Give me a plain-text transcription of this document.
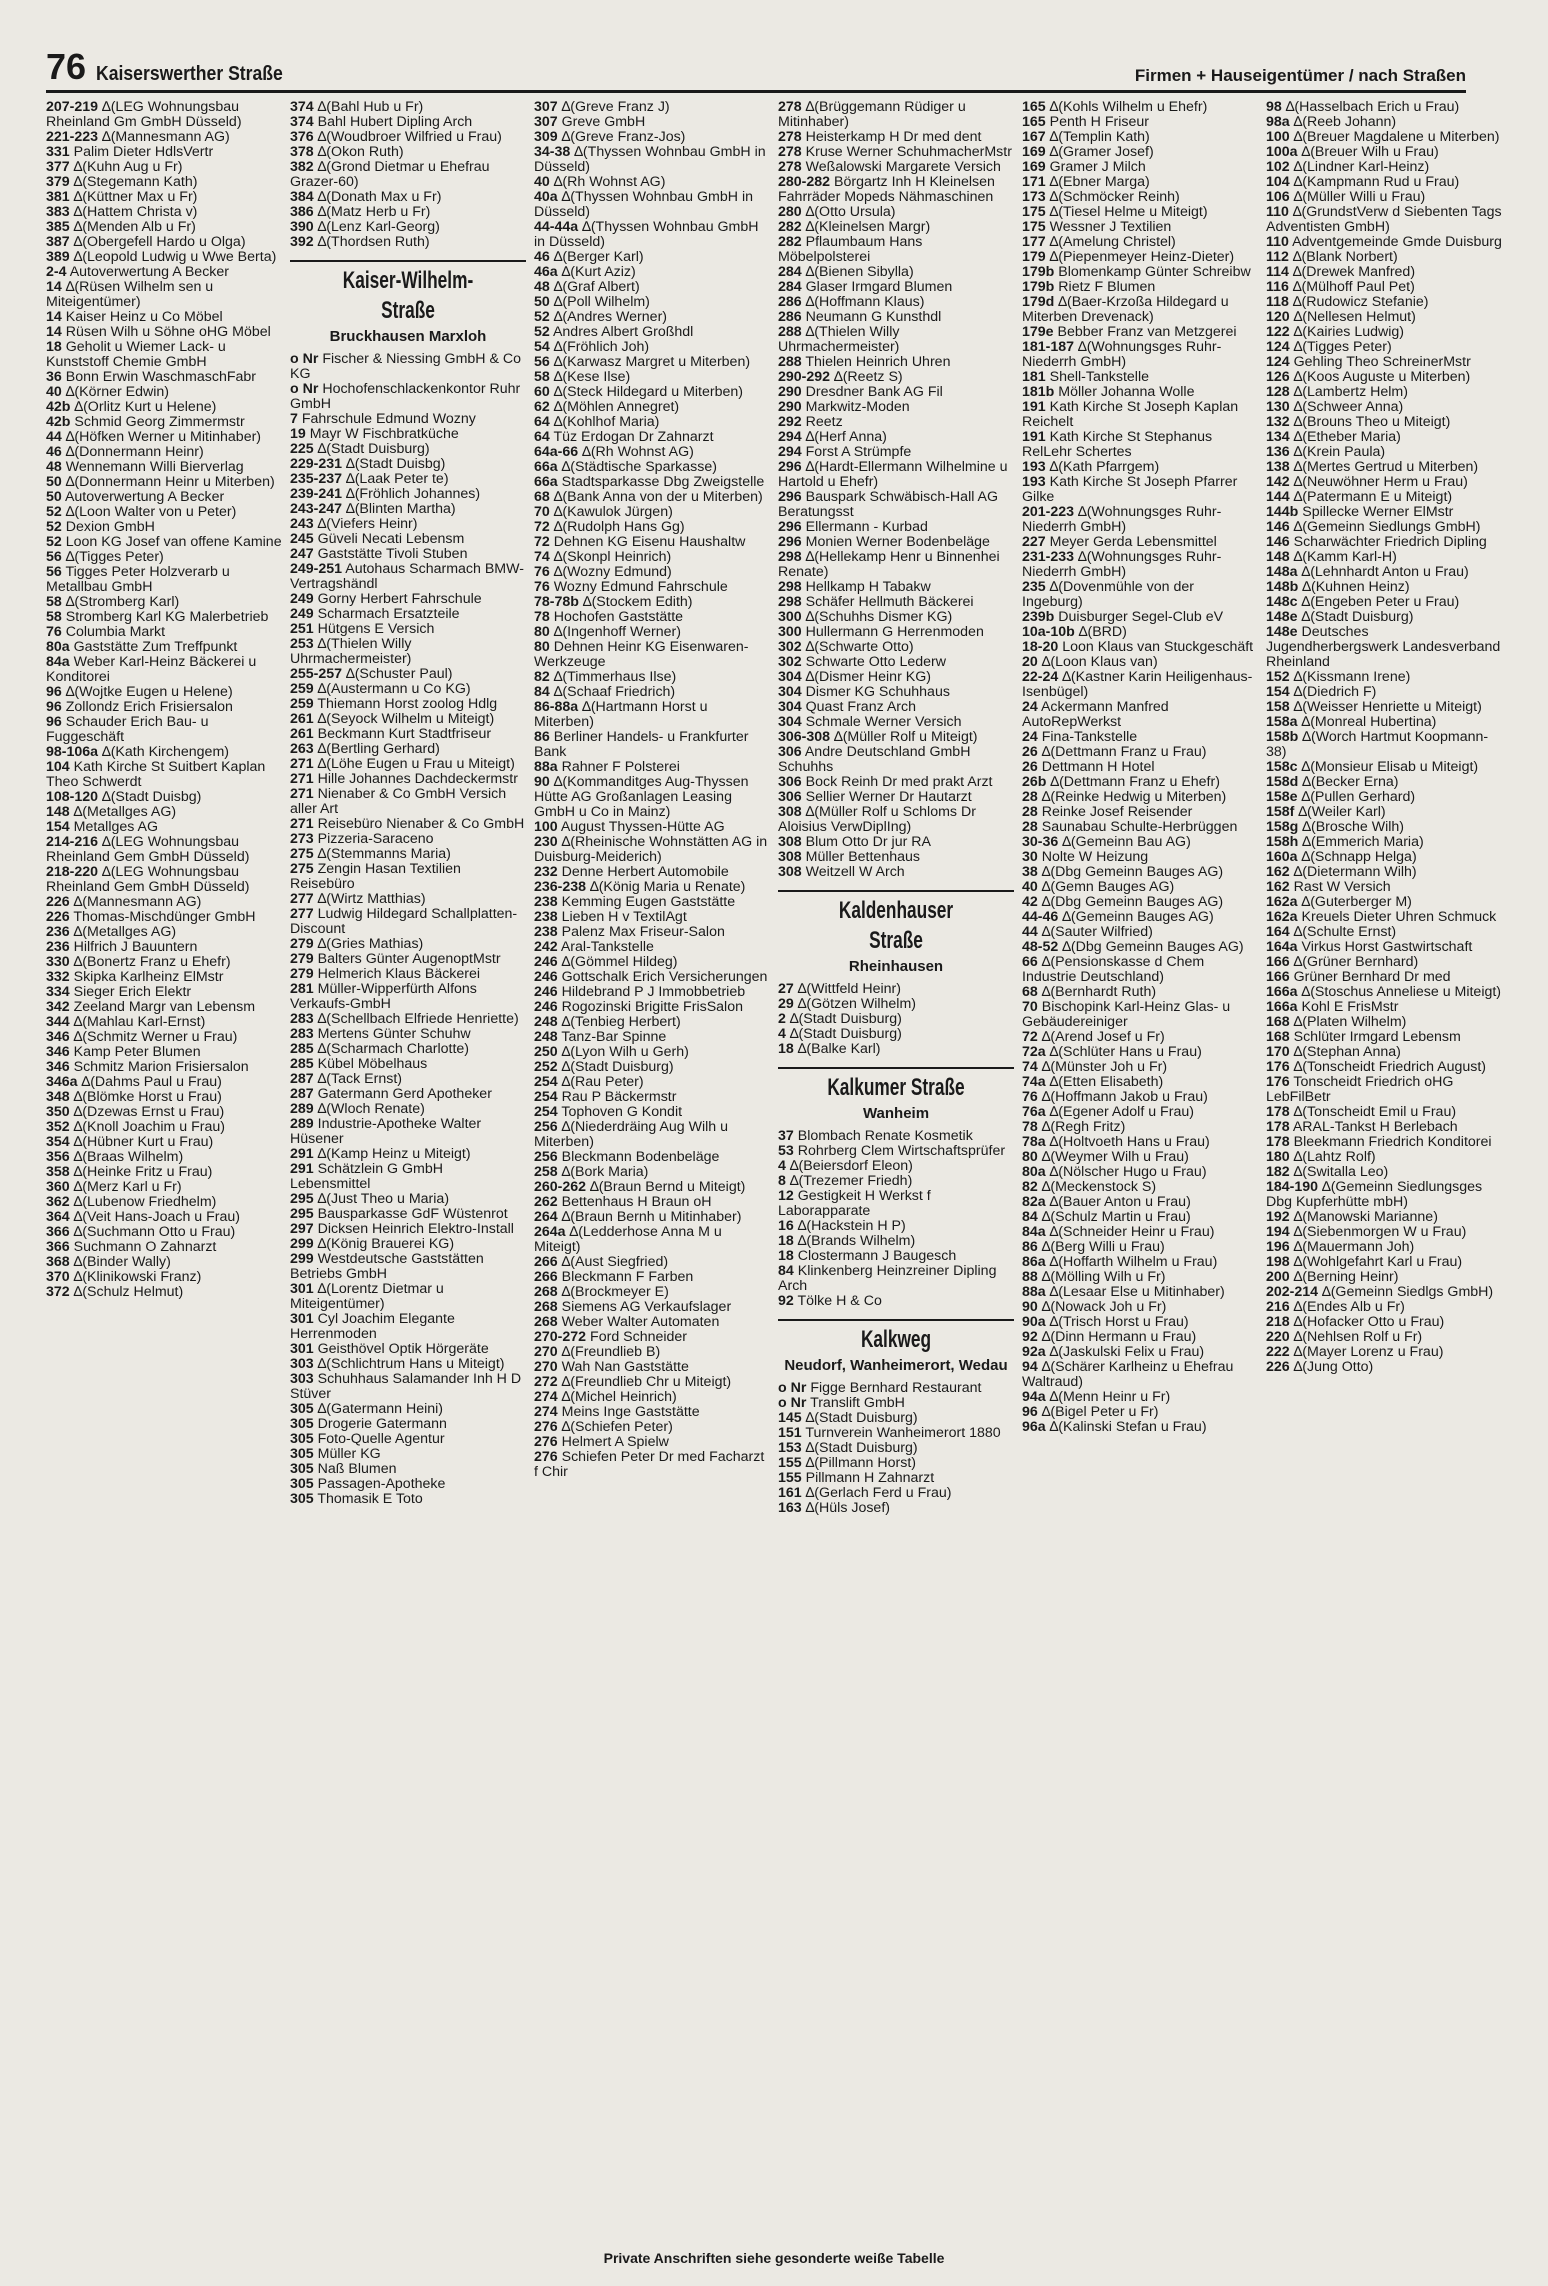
76 Kaiserswerther Straße	Firmen + Hauseigentümer / nach Straßen
207-219 ∆(LEG Wohnungsbau Rheinland Gm GmbH Düsseld)
221-223 ∆(Mannesmann AG)
331 Palim Dieter HdlsVertr
377 ∆(Kuhn Aug u Fr)
379 ∆(Stegemann Kath)
381 ∆(Küttner Max u Fr)
383 ∆(Hattem Christa v)
385 ∆(Menden Alb u Fr)
387 ∆(Obergefell Hardo u Olga)
389 ∆(Leopold Ludwig u Wwe Berta)
2-4 Autoverwertung A Becker
14 ∆(Rüsen Wilhelm sen u Miteigentümer)
14 Kaiser Heinz u Co Möbel
14 Rüsen Wilh u Söhne oHG Möbel
18 Geholit u Wiemer Lack- u Kunststoff Chemie GmbH
36 Bonn Erwin WaschmaschFabr
40 ∆(Körner Edwin)
42b ∆(Orlitz Kurt u Helene)
42b Schmid Georg Zimmermstr
44 ∆(Höfken Werner u Mitinhaber)
46 ∆(Donnermann Heinr)
48 Wennemann Willi Bierverlag
50 ∆(Donnermann Heinr u Miterben)
50 Autoverwertung A Becker
52 ∆(Loon Walter von u Peter)
52 Dexion GmbH
52 Loon KG Josef van offene Kamine
56 ∆(Tigges Peter)
56 Tigges Peter Holzverarb u Metallbau GmbH
58 ∆(Stromberg Karl)
58 Stromberg Karl KG Malerbetrieb
76 Columbia Markt
80a Gaststätte Zum Treffpunkt
84a Weber Karl-Heinz Bäckerei u Konditorei
96 ∆(Wojtke Eugen u Helene)
96 Zollondz Erich Frisiersalon
96 Schauder Erich Bau- u Fuggeschäft
98-106a ∆(Kath Kirchengem)
104 Kath Kirche St Suitbert Kaplan Theo Schwerdt
108-120 ∆(Stadt Duisbg)
148 ∆(Metallges AG)
154 Metallges AG
214-216 ∆(LEG Wohnungsbau Rheinland Gem GmbH Düsseld)
218-220 ∆(LEG Wohnungsbau Rheinland Gem GmbH Düsseld)
226 ∆(Mannesmann AG)
226 Thomas-Mischdünger GmbH
236 ∆(Metallges AG)
236 Hilfrich J Bauuntern
330 ∆(Bonertz Franz u Ehefr)
332 Skipka Karlheinz ElMstr
334 Sieger Erich Elektr
342 Zeeland Margr van Lebensm
344 ∆(Mahlau Karl-Ernst)
346 ∆(Schmitz Werner u Frau)
346 Kamp Peter Blumen
346 Schmitz Marion Frisiersalon
346a ∆(Dahms Paul u Frau)
348 ∆(Blömke Horst u Frau)
350 ∆(Dzewas Ernst u Frau)
352 ∆(Knoll Joachim u Frau)
354 ∆(Hübner Kurt u Frau)
356 ∆(Braas Wilhelm)
358 ∆(Heinke Fritz u Frau)
360 ∆(Merz Karl u Fr)
362 ∆(Lubenow Friedhelm)
364 ∆(Veit Hans-Joach u Frau)
366 ∆(Suchmann Otto u Frau)
366 Suchmann O Zahnarzt
368 ∆(Binder Wally)
370 ∆(Klinikowski Franz)
372 ∆(Schulz Helmut)
374 ∆(Bahl Hub u Fr)
374 Bahl Hubert Dipling Arch
376 ∆(Woudbroer Wilfried u Frau)
378 ∆(Okon Ruth)
382 ∆(Grond Dietmar u Ehefrau Grazer-60)
384 ∆(Donath Max u Fr)
386 ∆(Matz Herb u Fr)
390 ∆(Lenz Karl-Georg)
392 ∆(Thordsen Ruth)
Kaiser-Wilhelm-Straße
Bruckhausen Marxloh
o Nr Fischer & Niessing GmbH & Co KG
o Nr Hochofenschlackenkontor Ruhr GmbH
7 Fahrschule Edmund Wozny
19 Mayr W Fischbratküche
225 ∆(Stadt Duisburg)
229-231 ∆(Stadt Duisbg)
235-237 ∆(Laak Peter te)
239-241 ∆(Fröhlich Johannes)
243-247 ∆(Blinten Martha)
243 ∆(Viefers Heinr)
245 Güveli Necati Lebensm
247 Gaststätte Tivoli Stuben
249-251 Autohaus Scharmach BMW-Vertragshändl
249 Gorny Herbert Fahrschule
249 Scharmach Ersatzteile
251 Hütgens E Versich
253 ∆(Thielen Willy Uhrmachermeister)
255-257 ∆(Schuster Paul)
259 ∆(Austermann u Co KG)
259 Thiemann Horst zoolog Hdlg
261 ∆(Seyock Wilhelm u Miteigt)
261 Beckmann Kurt Stadtfriseur
263 ∆(Bertling Gerhard)
271 ∆(Löhe Eugen u Frau u Miteigt)
271 Hille Johannes Dachdeckermstr
271 Nienaber & Co GmbH Versich aller Art
271 Reisebüro Nienaber & Co GmbH
273 Pizzeria-Saraceno
275 ∆(Stemmanns Maria)
275 Zengin Hasan Textilien Reisebüro
277 ∆(Wirtz Matthias)
277 Ludwig Hildegard Schallplatten-Discount
279 ∆(Gries Mathias)
279 Balters Günter AugenoptMstr
279 Helmerich Klaus Bäckerei
281 Müller-Wipperfürth Alfons Verkaufs-GmbH
283 ∆(Schellbach Elfriede Henriette)
283 Mertens Günter Schuhw
285 ∆(Scharmach Charlotte)
285 Kübel Möbelhaus
287 ∆(Tack Ernst)
287 Gatermann Gerd Apotheker
289 ∆(Wloch Renate)
289 Industrie-Apotheke Walter Hüsener
291 ∆(Kamp Heinz u Miteigt)
291 Schätzlein G GmbH Lebensmittel
295 ∆(Just Theo u Maria)
295 Bausparkasse GdF Wüstenrot
297 Dicksen Heinrich Elektro-Install
299 ∆(König Brauerei KG)
299 Westdeutsche Gaststätten Betriebs GmbH
301 ∆(Lorentz Dietmar u Miteigentümer)
301 Cyl Joachim Elegante Herrenmoden
301 Geisthövel Optik Hörgeräte
303 ∆(Schlichtrum Hans u Miteigt)
303 Schuhhaus Salamander Inh H D Stüver
305 ∆(Gatermann Heini)
305 Drogerie Gatermann
305 Foto-Quelle Agentur
305 Müller KG
305 Naß Blumen
305 Passagen-Apotheke
305 Thomasik E Toto
307 ∆(Greve Franz J)
307 Greve GmbH
309 ∆(Greve Franz-Jos)
34-38 ∆(Thyssen Wohnbau GmbH in Düsseld)
40 ∆(Rh Wohnst AG)
40a ∆(Thyssen Wohnbau GmbH in Düsseld)
44-44a ∆(Thyssen Wohnbau GmbH in Düsseld)
46 ∆(Berger Karl)
46a ∆(Kurt Aziz)
48 ∆(Graf Albert)
50 ∆(Poll Wilhelm)
52 ∆(Andres Werner)
52 Andres Albert Großhdl
54 ∆(Fröhlich Joh)
56 ∆(Karwasz Margret u Miterben)
58 ∆(Kese Ilse)
60 ∆(Steck Hildegard u Miterben)
62 ∆(Möhlen Annegret)
64 ∆(Kohlhof Maria)
64 Tüz Erdogan Dr Zahnarzt
64a-66 ∆(Rh Wohnst AG)
66a ∆(Städtische Sparkasse)
66a Stadtsparkasse Dbg Zweigstelle
68 ∆(Bank Anna von der u Miterben)
70 ∆(Kawulok Jürgen)
72 ∆(Rudolph Hans Gg)
72 Dehnen KG Eisenu Haushaltw
74 ∆(Skonpl Heinrich)
76 ∆(Wozny Edmund)
76 Wozny Edmund Fahrschule
78-78b ∆(Stockem Edith)
78 Hochofen Gaststätte
80 ∆(Ingenhoff Werner)
80 Dehnen Heinr KG Eisenwaren-Werkzeuge
82 ∆(Timmerhaus Ilse)
84 ∆(Schaaf Friedrich)
86-88a ∆(Hartmann Horst u Miterben)
86 Berliner Handels- u Frankfurter Bank
88a Rahner F Polsterei
90 ∆(Kommanditges Aug-Thyssen Hütte AG Großanlagen Leasing GmbH u Co in Mainz)
100 August Thyssen-Hütte AG
230 ∆(Rheinische Wohnstätten AG in Duisburg-Meiderich)
232 Denne Herbert Automobile
236-238 ∆(König Maria u Renate)
238 Kemming Eugen Gaststätte
238 Lieben H v TextilAgt
238 Palenz Max Friseur-Salon
242 Aral-Tankstelle
246 ∆(Gömmel Hildeg)
246 Gottschalk Erich Versicherungen
246 Hildebrand P J Immobbetrieb
246 Rogozinski Brigitte FrisSalon
248 ∆(Tenbieg Herbert)
248 Tanz-Bar Spinne
250 ∆(Lyon Wilh u Gerh)
252 ∆(Stadt Duisburg)
254 ∆(Rau Peter)
254 Rau P Bäckermstr
254 Tophoven G Kondit
256 ∆(Niederdräing Aug Wilh u Miterben)
256 Bleckmann Bodenbeläge
258 ∆(Bork Maria)
260-262 ∆(Braun Bernd u Miteigt)
262 Bettenhaus H Braun oH
264 ∆(Braun Bernh u Mitinhaber)
264a ∆(Ledderhose Anna M u Miteigt)
266 ∆(Aust Siegfried)
266 Bleckmann F Farben
268 ∆(Brockmeyer E)
268 Siemens AG Verkaufslager
268 Weber Walter Automaten
270-272 Ford Schneider
270 ∆(Freundlieb B)
270 Wah Nan Gaststätte
272 ∆(Freundlieb Chr u Miteigt)
274 ∆(Michel Heinrich)
274 Meins Inge Gaststätte
276 ∆(Schiefen Peter)
276 Helmert A Spielw
276 Schiefen Peter Dr med Facharzt f Chir
278 ∆(Brüggemann Rüdiger u Mitinhaber)
278 Heisterkamp H Dr med dent
278 Kruse Werner SchuhmacherMstr
278 Weßalowski Margarete Versich
280-282 Börgartz Inh H Kleinelsen Fahrräder Mopeds Nähmaschinen
280 ∆(Otto Ursula)
282 ∆(Kleinelsen Margr)
282 Pflaumbaum Hans Möbelpolsterei
284 ∆(Bienen Sibylla)
284 Glaser Irmgard Blumen
286 ∆(Hoffmann Klaus)
286 Neumann G Kunsthdl
288 ∆(Thielen Willy Uhrmachermeister)
288 Thielen Heinrich Uhren
290-292 ∆(Reetz S)
290 Dresdner Bank AG Fil
290 Markwitz-Moden
292 Reetz
294 ∆(Herf Anna)
294 Forst A Strümpfe
296 ∆(Hardt-Ellermann Wilhelmine u Hartold u Ehefr)
296 Bauspark Schwäbisch-Hall AG Beratungsst
296 Ellermann - Kurbad
296 Monien Werner Bodenbeläge
298 ∆(Hellekamp Henr u Binnenhei Renate)
298 Hellkamp H Tabakw
298 Schäfer Hellmuth Bäckerei
300 ∆(Schuhhs Dismer KG)
300 Hullermann G Herrenmoden
302 ∆(Schwarte Otto)
302 Schwarte Otto Lederw
304 ∆(Dismer Heinr KG)
304 Dismer KG Schuhhaus
304 Quast Franz Arch
304 Schmale Werner Versich
306-308 ∆(Müller Rolf u Miteigt)
306 Andre Deutschland GmbH Schuhhs
306 Bock Reinh Dr med prakt Arzt
306 Sellier Werner Dr Hautarzt
308 ∆(Müller Rolf u Schloms Dr Aloisius VerwDiplIng)
308 Blum Otto Dr jur RA
308 Müller Bettenhaus
308 Weitzell W Arch
Kaldenhauser Straße
Rheinhausen
27 ∆(Wittfeld Heinr)
29 ∆(Götzen Wilhelm)
2 ∆(Stadt Duisburg)
4 ∆(Stadt Duisburg)
18 ∆(Balke Karl)
Kalkumer Straße
Wanheim
37 Blombach Renate Kosmetik
53 Rohrberg Clem Wirtschaftsprüfer
4 ∆(Beiersdorf Eleon)
8 ∆(Trezemer Friedh)
12 Gestigkeit H Werkst f Laborapparate
16 ∆(Hackstein H P)
18 ∆(Brands Wilhelm)
18 Clostermann J Baugesch
84 Klinkenberg Heinzreiner Dipling Arch
92 Tölke H & Co
Kalkweg
Neudorf, Wanheimerort, Wedau
o Nr Figge Bernhard Restaurant
o Nr Translift GmbH
145 ∆(Stadt Duisburg)
151 Turnverein Wanheimerort 1880
153 ∆(Stadt Duisburg)
155 ∆(Pillmann Horst)
155 Pillmann H Zahnarzt
161 ∆(Gerlach Ferd u Frau)
163 ∆(Hüls Josef)
165 ∆(Kohls Wilhelm u Ehefr)
165 Penth H Friseur
167 ∆(Templin Kath)
169 ∆(Gramer Josef)
169 Gramer J Milch
171 ∆(Ebner Marga)
173 ∆(Schmöcker Reinh)
175 ∆(Tiesel Helme u Miteigt)
175 Wessner J Textilien
177 ∆(Amelung Christel)
179 ∆(Piepenmeyer Heinz-Dieter)
179b Blomenkamp Günter Schreibw
179b Rietz F Blumen
179d ∆(Baer-Krzoßa Hildegard u Miterben Drevenack)
179e Bebber Franz van Metzgerei
181-187 ∆(Wohnungsges Ruhr-Niederrh GmbH)
181 Shell-Tankstelle
181b Möller Johanna Wolle
191 Kath Kirche St Joseph Kaplan Reichelt
191 Kath Kirche St Stephanus RelLehr Schertes
193 ∆(Kath Pfarrgem)
193 Kath Kirche St Joseph Pfarrer Gilke
201-223 ∆(Wohnungsges Ruhr-Niederrh GmbH)
227 Meyer Gerda Lebensmittel
231-233 ∆(Wohnungsges Ruhr-Niederrh GmbH)
235 ∆(Dovenmühle von der Ingeburg)
239b Duisburger Segel-Club eV
10a-10b ∆(BRD)
18-20 Loon Klaus van Stuckgeschäft
20 ∆(Loon Klaus van)
22-24 ∆(Kastner Karin Heiligenhaus-Isenbügel)
24 Ackermann Manfred AutoRepWerkst
24 Fina-Tankstelle
26 ∆(Dettmann Franz u Frau)
26 Dettmann H Hotel
26b ∆(Dettmann Franz u Ehefr)
28 ∆(Reinke Hedwig u Miterben)
28 Reinke Josef Reisender
28 Saunabau Schulte-Herbrüggen
30-36 ∆(Gemeinn Bau AG)
30 Nolte W Heizung
38 ∆(Dbg Gemeinn Bauges AG)
40 ∆(Gemn Bauges AG)
42 ∆(Dbg Gemeinn Bauges AG)
44-46 ∆(Gemeinn Bauges AG)
44 ∆(Sauter Wilfried)
48-52 ∆(Dbg Gemeinn Bauges AG)
66 ∆(Pensionskasse d Chem Industrie Deutschland)
68 ∆(Bernhardt Ruth)
70 Bischopink Karl-Heinz Glas- u Gebäudereiniger
72 ∆(Arend Josef u Fr)
72a ∆(Schlüter Hans u Frau)
74 ∆(Münster Joh u Fr)
74a ∆(Etten Elisabeth)
76 ∆(Hoffmann Jakob u Frau)
76a ∆(Egener Adolf u Frau)
78 ∆(Regh Fritz)
78a ∆(Holtvoeth Hans u Frau)
80 ∆(Weymer Wilh u Frau)
80a ∆(Nölscher Hugo u Frau)
82 ∆(Meckenstock S)
82a ∆(Bauer Anton u Frau)
84 ∆(Schulz Martin u Frau)
84a ∆(Schneider Heinr u Frau)
86 ∆(Berg Willi u Frau)
86a ∆(Hoffarth Wilhelm u Frau)
88 ∆(Mölling Wilh u Fr)
88a ∆(Lesaar Else u Mitinhaber)
90 ∆(Nowack Joh u Fr)
90a ∆(Trisch Horst u Frau)
92 ∆(Dinn Hermann u Frau)
92a ∆(Jaskulski Felix u Frau)
94 ∆(Schärer Karlheinz u Ehefrau Waltraud)
94a ∆(Menn Heinr u Fr)
96 ∆(Bigel Peter u Fr)
96a ∆(Kalinski Stefan u Frau)
98 ∆(Hasselbach Erich u Frau)
98a ∆(Reeb Johann)
100 ∆(Breuer Magdalene u Miterben)
100a ∆(Breuer Wilh u Frau)
102 ∆(Lindner Karl-Heinz)
104 ∆(Kampmann Rud u Frau)
106 ∆(Müller Willi u Frau)
110 ∆(GrundstVerw d Siebenten Tags Adventisten GmbH)
110 Adventgemeinde Gmde Duisburg
112 ∆(Blank Norbert)
114 ∆(Drewek Manfred)
116 ∆(Mülhoff Paul Pet)
118 ∆(Rudowicz Stefanie)
120 ∆(Nellesen Helmut)
122 ∆(Kairies Ludwig)
124 ∆(Tigges Peter)
124 Gehling Theo SchreinerMstr
126 ∆(Koos Auguste u Miterben)
128 ∆(Lambertz Helm)
130 ∆(Schweer Anna)
132 ∆(Brouns Theo u Miteigt)
134 ∆(Etheber Maria)
136 ∆(Krein Paula)
138 ∆(Mertes Gertrud u Miterben)
142 ∆(Neuwöhner Herm u Frau)
144 ∆(Patermann E u Miteigt)
144b Spillecke Werner ElMstr
146 ∆(Gemeinn Siedlungs GmbH)
146 Scharwächter Friedrich Dipling
148 ∆(Kamm Karl-H)
148a ∆(Lehnhardt Anton u Frau)
148b ∆(Kuhnen Heinz)
148c ∆(Engeben Peter u Frau)
148e ∆(Stadt Duisburg)
148e Deutsches Jugendherbergswerk Landesverband Rheinland
152 ∆(Kissmann Irene)
154 ∆(Diedrich F)
158 ∆(Weisser Henriette u Miteigt)
158a ∆(Monreal Hubertina)
158b ∆(Worch Hartmut Koopmann-38)
158c ∆(Monsieur Elisab u Miteigt)
158d ∆(Becker Erna)
158e ∆(Pullen Gerhard)
158f ∆(Weiler Karl)
158g ∆(Brosche Wilh)
158h ∆(Emmerich Maria)
160a ∆(Schnapp Helga)
162 ∆(Dietermann Wilh)
162 Rast W Versich
162a ∆(Guterberger M)
162a Kreuels Dieter Uhren Schmuck
164 ∆(Schulte Ernst)
164a Virkus Horst Gastwirtschaft
166 ∆(Grüner Bernhard)
166 Grüner Bernhard Dr med
166a ∆(Stoschus Anneliese u Miteigt)
166a Kohl E FrisMstr
168 ∆(Platen Wilhelm)
168 Schlüter Irmgard Lebensm
170 ∆(Stephan Anna)
176 ∆(Tonscheidt Friedrich August)
176 Tonscheidt Friedrich oHG LebFilBetr
178 ∆(Tonscheidt Emil u Frau)
178 ARAL-Tankst H Berlebach
178 Bleekmann Friedrich Konditorei
180 ∆(Lahtz Rolf)
182 ∆(Switalla Leo)
184-190 ∆(Gemeinn Siedlungsges Dbg Kupferhütte mbH)
192 ∆(Manowski Marianne)
194 ∆(Siebenmorgen W u Frau)
196 ∆(Mauermann Joh)
198 ∆(Wohlgefahrt Karl u Frau)
200 ∆(Berning Heinr)
202-214 ∆(Gemeinn Siedlgs GmbH)
216 ∆(Endes Alb u Fr)
218 ∆(Hofacker Otto u Frau)
220 ∆(Nehlsen Rolf u Fr)
222 ∆(Mayer Lorenz u Frau)
226 ∆(Jung Otto)
Private Anschriften siehe gesonderte weiße Tabelle
